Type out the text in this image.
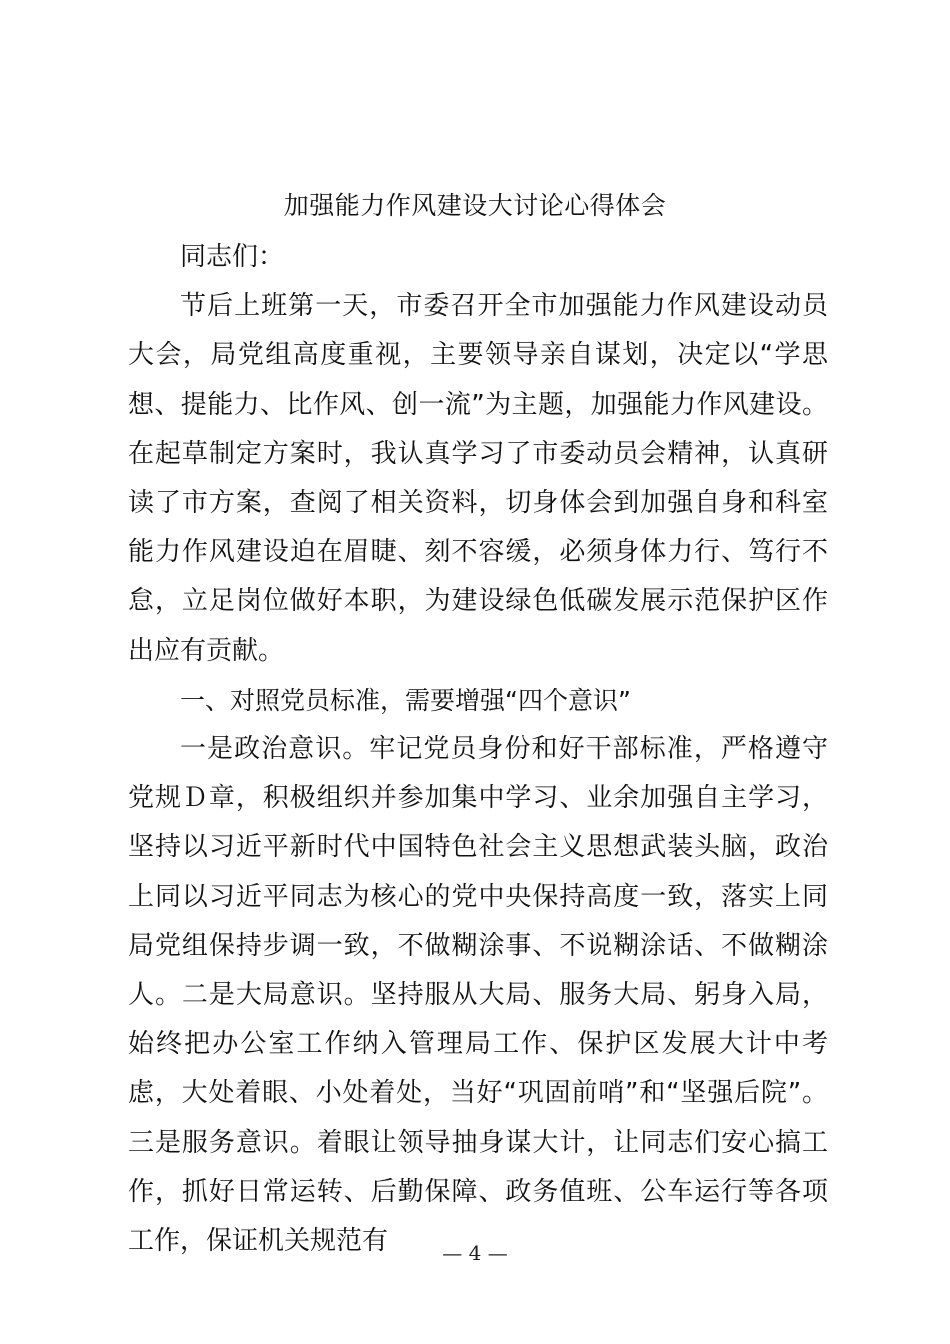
加强能力作风建设大讨论心得体会

同志们：

节后上班第一天，市委召开全市加强能力作风建设动员大会，局党组高度重视，主要领导亲自谋划，决定以“学思想、提能力、比作风、创一流”为主题，加强能力作风建设。在起草制定方案时，我认真学习了市委动员会精神，认真研读了市方案，查阅了相关资料，切身体会到加强自身和科室能力作风建设迫在眉睫、刻不容缓，必须身体力行、笃行不怠，立足岗位做好本职，为建设绿色低碳发展示范保护区作出应有贡献。

一、对照党员标准，需要增强“四个意识”

一是政治意识。牢记党员身份和好干部标准，严格遵守党规Ｄ章，积极组织并参加集中学习、业余加强自主学习，坚持以习近平新时代中国特色社会主义思想武装头脑，政治上同以习近平同志为核心的党中央保持高度一致，落实上同局党组保持步调一致，不做糊涂事、不说糊涂话、不做糊涂人。二是大局意识。坚持服从大局、服务大局、躬身入局，始终把办公室工作纳入管理局工作、保护区发展大计中考虑，大处着眼、小处着处，当好“巩固前哨”和“坚强后院”。三是服务意识。着眼让领导抽身谋大计，让同志们安心搞工作，抓好日常运转、后勤保障、政务值班、公车运行等各项工作，保证机关规范有	— 4 —
